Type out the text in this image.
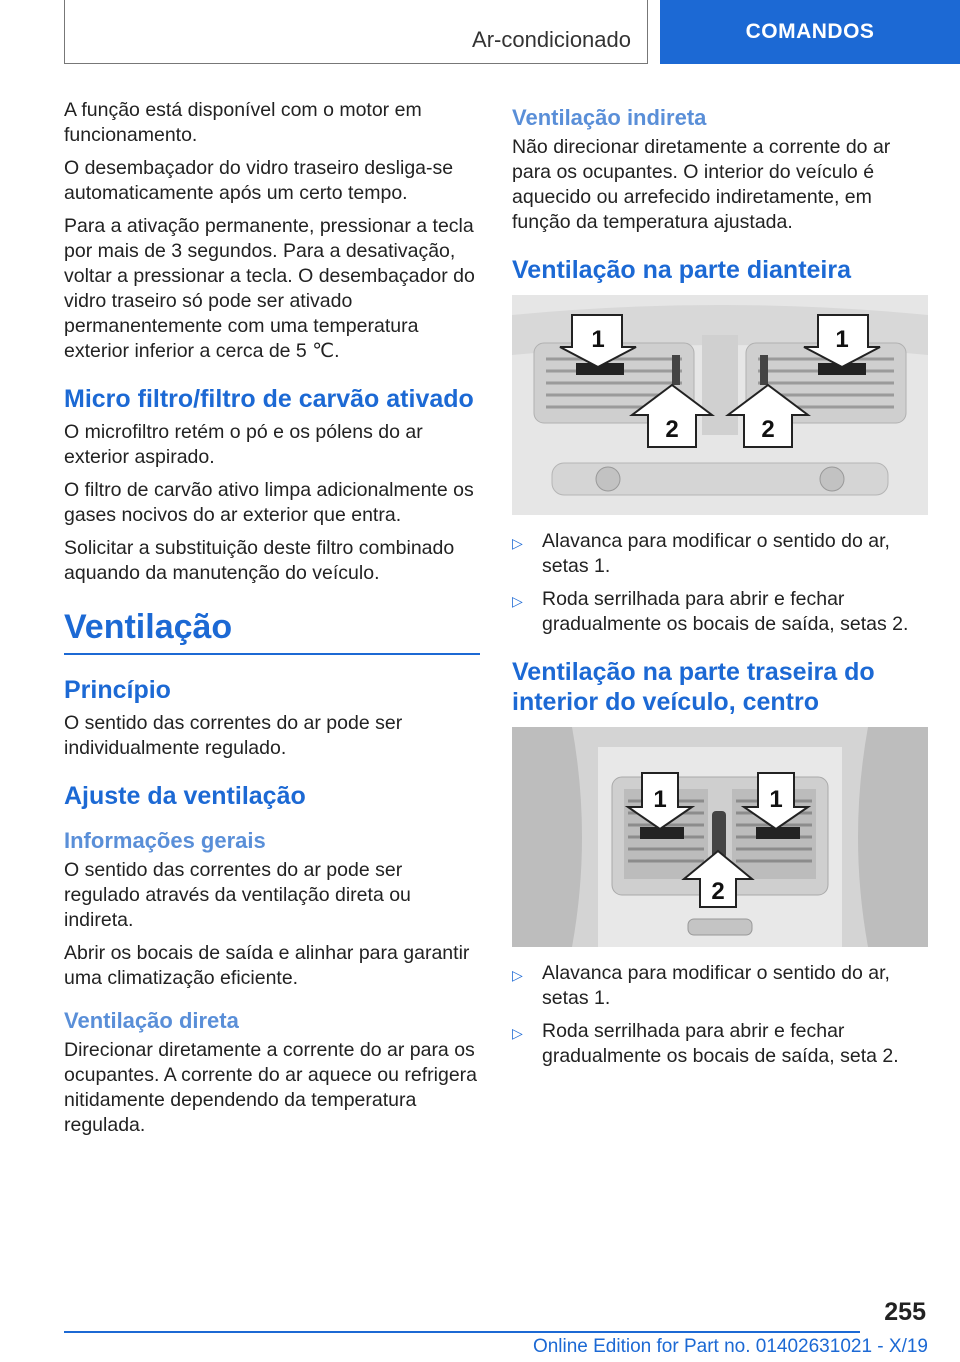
Ar-condicionado	COMANDOS

A função está disponível com o motor em funcionamento.

O desembaçador do vidro traseiro desliga-se automaticamente após um certo tempo.

Para a ativação permanente, pressionar a tecla por mais de 3 segundos. Para a desativação, voltar a pressionar a tecla. O desembaçador do vidro traseiro só pode ser ativado permanentemente com uma temperatura exterior inferior a cerca de 5 ℃.

Micro filtro/filtro de carvão ativado

O microfiltro retém o pó e os pólens do ar exterior aspirado.

O filtro de carvão ativo limpa adicionalmente os gases nocivos do ar exterior que entra.

Solicitar a substituição deste filtro combinado aquando da manutenção do veículo.

Ventilação
Princípio

O sentido das correntes do ar pode ser individualmente regulado.

Ajuste da ventilação
Informações gerais

O sentido das correntes do ar pode ser regulado através da ventilação direta ou indireta.

Abrir os bocais de saída e alinhar para garantir uma climatização eficiente.

Ventilação direta

Direcionar diretamente a corrente do ar para os ocupantes. A corrente do ar aquece ou refrigera nitidamente dependendo da temperatura regulada.

Ventilação indireta

Não direcionar diretamente a corrente do ar para os ocupantes. O interior do veículo é aquecido ou arrefecido indiretamente, em função da temperatura ajustada.

Ventilação na parte dianteira
1	1
2	2
▷ Alavanca para modificar o sentido do ar, setas 1.
▷ Roda serrilhada para abrir e fechar gradualmente os bocais de saída, setas 2.
Ventilação na parte traseira do interior do veículo, centro
1	1
2
▷ Alavanca para modificar o sentido do ar, setas 1.
▷ Roda serrilhada para abrir e fechar gradualmente os bocais de saída, seta 2.
255
Online Edition for Part no. 01402631021 - X/19
